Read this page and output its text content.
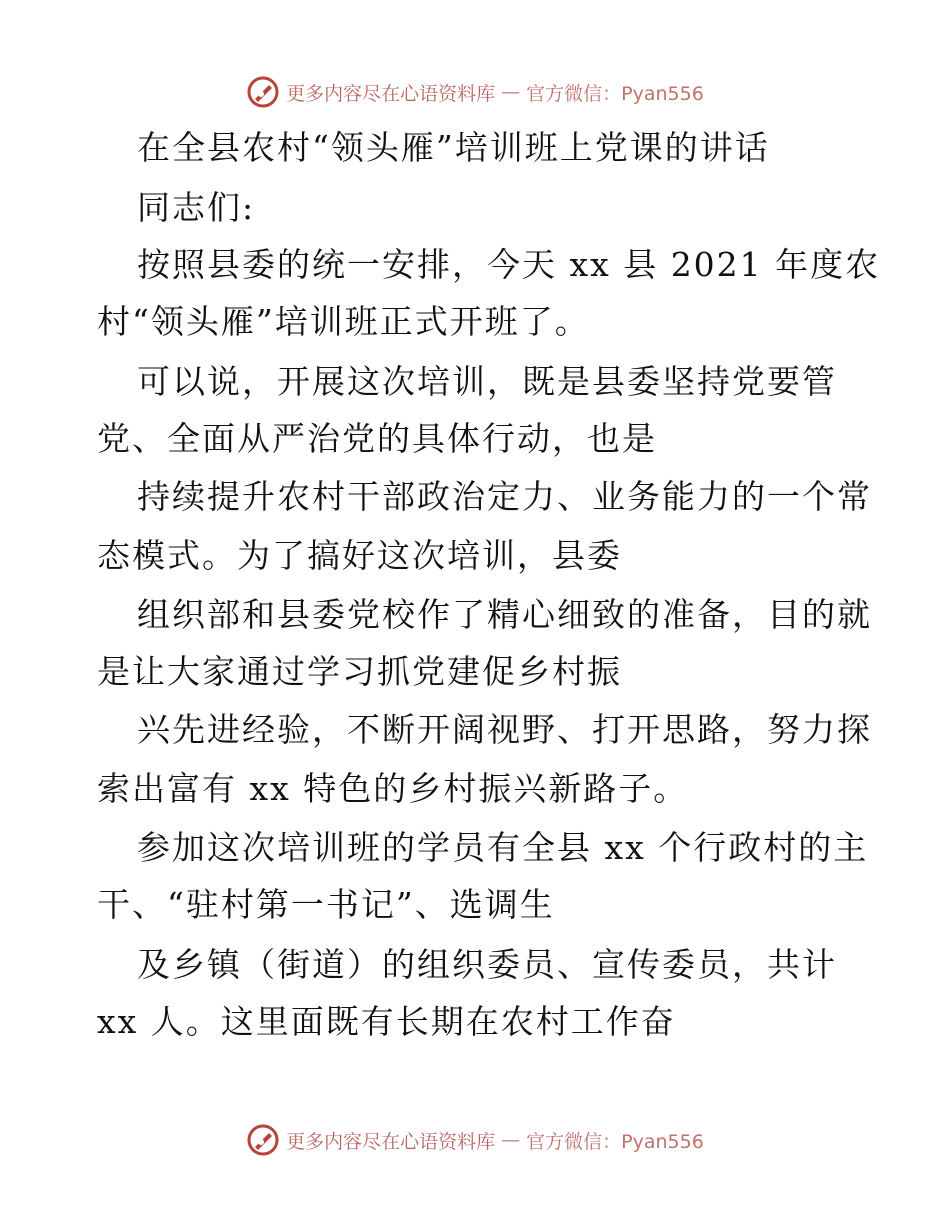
更多内容尽在心语资料库 — 官方微信：Pyan556
在全县农村“领头雁”培训班上党课的讲话
同志们:
按照县委的统一安排，今天 xx 县 2021 年度农
村“领头雁”培训班正式开班了。
可以说，开展这次培训，既是县委坚持党要管
党、全面从严治党的具体行动，也是
持续提升农村干部政治定力、业务能力的一个常
态模式。为了搞好这次培训，县委
组织部和县委党校作了精心细致的准备，目的就
是让大家通过学习抓党建促乡村振
兴先进经验，不断开阔视野、打开思路，努力探
索出富有 xx 特色的乡村振兴新路子。
参加这次培训班的学员有全县 xx 个行政村的主
干、“驻村第一书记”、选调生
及乡镇（街道）的组织委员、宣传委员，共计
xx 人。这里面既有长期在农村工作奋
更多内容尽在心语资料库 — 官方微信：Pyan556
